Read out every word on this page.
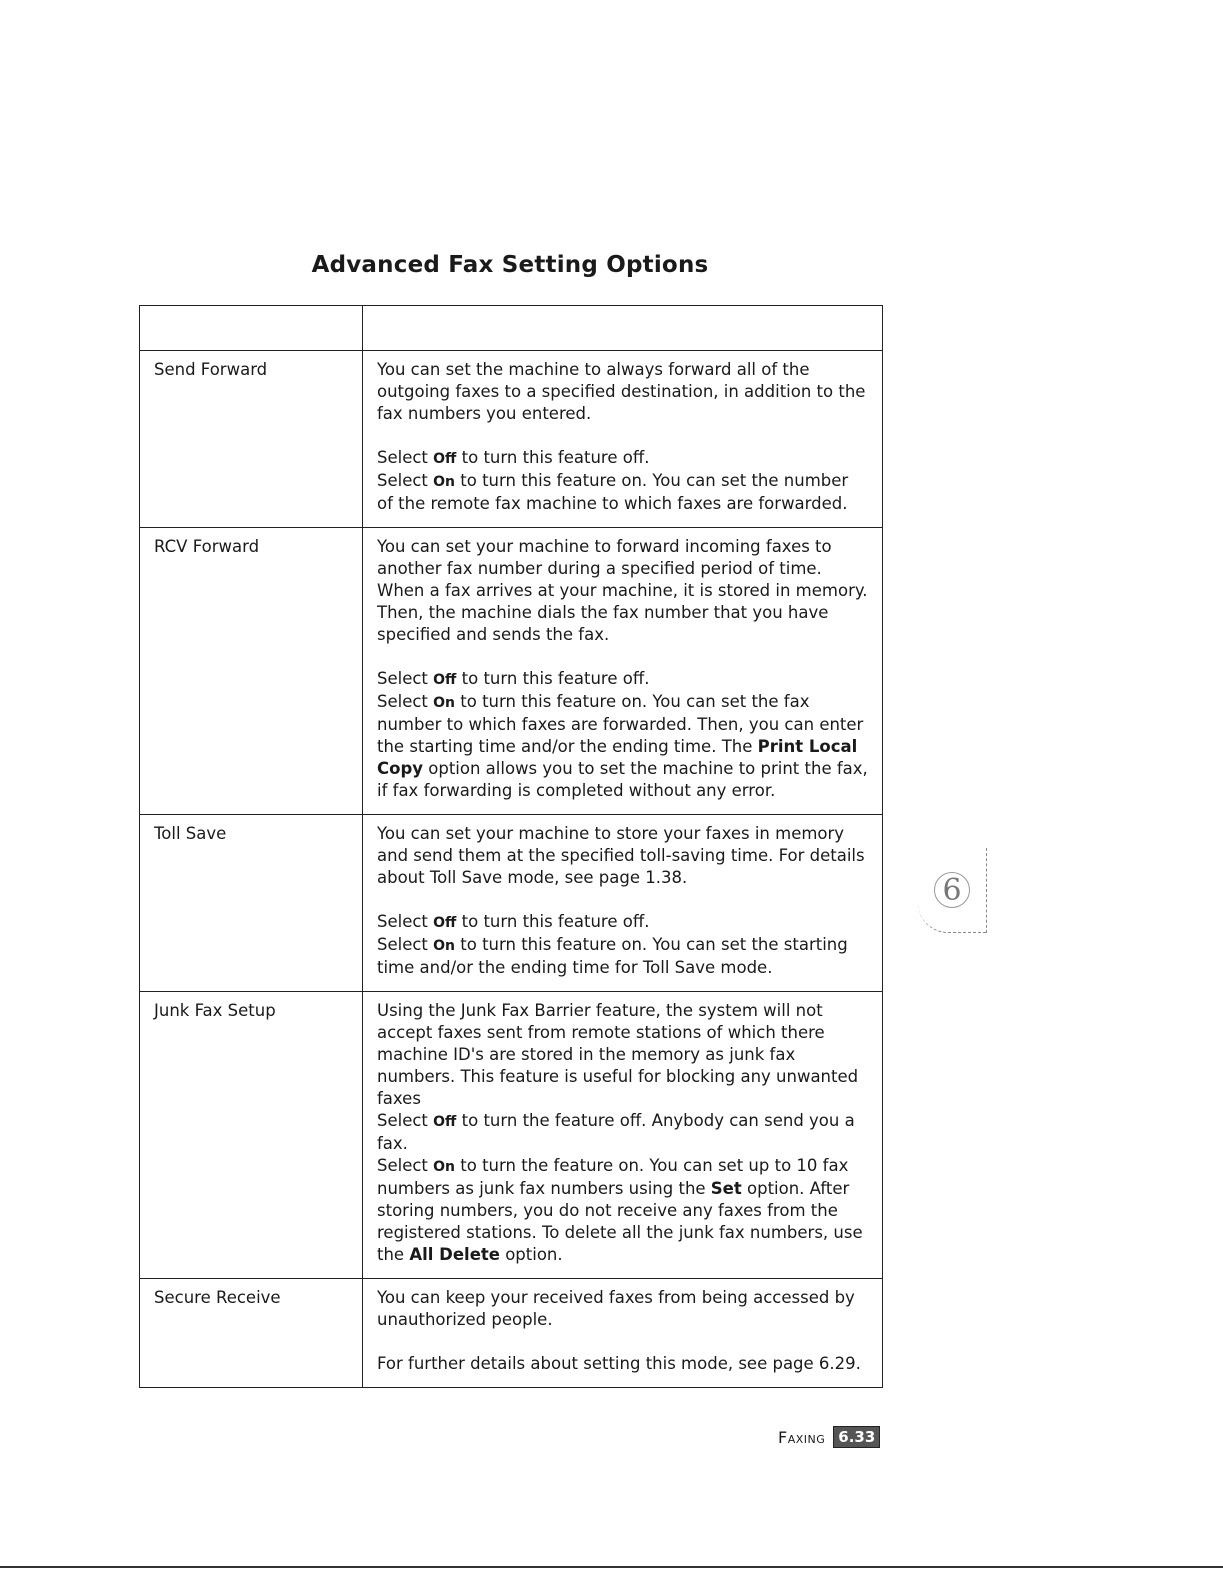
Advanced Fax Setting Options
Option	Description
Send Forward	You can set the machine to always forward all of the outgoing faxes to a specified destination, in addition to the fax numbers you entered.

Select Off to turn this feature off.
Select On to turn this feature on. You can set the number of the remote fax machine to which faxes are forwarded.

RCV Forward	You can set your machine to forward incoming faxes to another fax number during a specified period of time. When a fax arrives at your machine, it is stored in memory. Then, the machine dials the fax number that you have specified and sends the fax.

Select Off to turn this feature off.
Select On to turn this feature on. You can set the fax number to which faxes are forwarded. Then, you can enter the starting time and/or the ending time. The Print Local Copy option allows you to set the machine to print the fax, if fax forwarding is completed without any error.

Toll Save	You can set your machine to store your faxes in memory and send them at the specified toll-saving time. For details about Toll Save mode, see page 1.38.

Select Off to turn this feature off.
Select On to turn this feature on. You can set the starting time and/or the ending time for Toll Save mode.

Junk Fax Setup	Using the Junk Fax Barrier feature, the system will not accept faxes sent from remote stations of which there machine ID's are stored in the memory as junk fax numbers. This feature is useful for blocking any unwanted faxes
Select Off to turn the feature off. Anybody can send you a fax.
Select On to turn the feature on. You can set up to 10 fax numbers as junk fax numbers using the Set option. After storing numbers, you do not receive any faxes from the registered stations. To delete all the junk fax numbers, use the All Delete option.

Secure Receive	You can keep your received faxes from being accessed by unauthorized people.

For further details about setting this mode, see page 6.29.

6
Faxing 6.33
